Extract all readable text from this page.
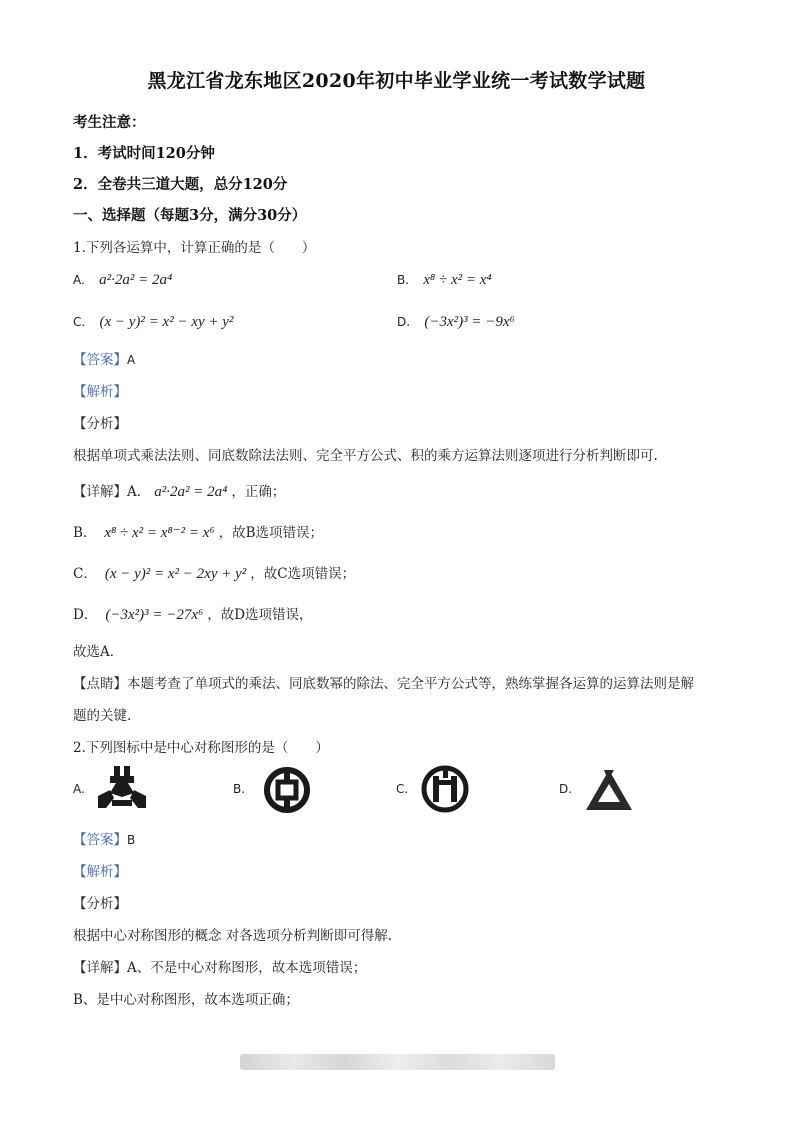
黑龙江省龙东地区2020年初中毕业学业统一考试数学试题
考生注意：
1．考试时间120分钟
2．全卷共三道大题，总分120分
一、选择题（每题3分，满分30分）
1.下列各运算中，计算正确的是（　　）
A. a²·2a² = 2a⁴	B. x⁸ ÷ x² = x⁴
C. (x − y)² = x² − xy + y²	D. (−3x²)³ = −9x⁶
【答案】A
【解析】
【分析】
根据单项式乘法法则、同底数除法法则、完全平方公式、积的乘方运算法则逐项进行分析判断即可.
【详解】A． a²·2a² = 2a⁴ ，正确；
B． x⁸ ÷ x² = x⁸⁻² = x⁶ ，故B选项错误；
C． (x − y)² = x² − 2xy + y² ，故C选项错误；
D． (−3x²)³ = −27x⁶ ，故D选项错误，
故选A．
【点睛】本题考查了单项式的乘法、同底数幂的除法、完全平方公式等，熟练掌握各运算的运算法则是解
题的关键.
2.下列图标中是中心对称图形的是（　　）
A.	B.	C.	D.
【答案】B
【解析】
【分析】
根据中心对称图形的概念 对各选项分析判断即可得解.
【详解】A、不是中心对称图形，故本选项错误；
B、是中心对称图形，故本选项正确；
